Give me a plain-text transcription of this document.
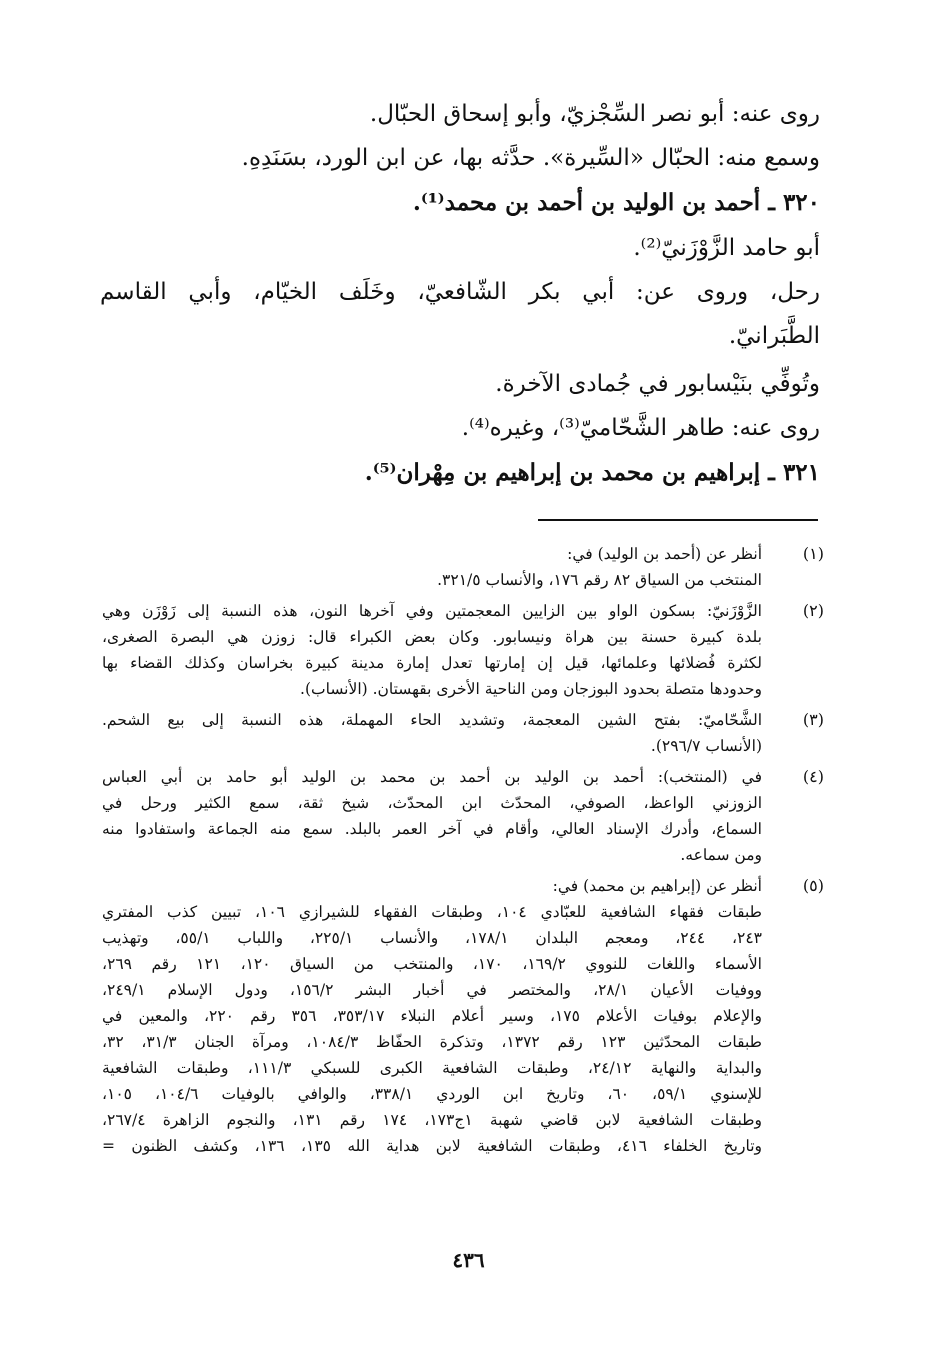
روى عنه: أبو نصر السِّجْزيّ، وأبو إسحاق الحبّال.
وسمع منه: الحبّال «السِّيرة». حدَّثه بها، عن ابن الورد، بسَنَدِهِ.
٣٢٠ ـ أحمد بن الوليد بن أحمد بن محمد⁽¹⁾.
أبو حامد الزَّوْزَنيّ⁽²⁾.
رحل، وروى عن: أبي بكر الشّافعيّ، وخَلَف الخيّام، وأبي القاسم
الطَّبَرانيّ.
وتُوفِّي بنَيْسابور في جُمادى الآخرة.
روى عنه: طاهر الشَّحّاميّ⁽³⁾، وغيره⁽⁴⁾.
٣٢١ ـ إبراهيم بن محمد بن إبراهيم بن مِهْران⁽⁵⁾.
(١)
أنظر عن (أحمد بن الوليد) في:
المنتخب من السياق ٨٢ رقم ١٧٦، والأنساب ٣٢١/٥.
(٢)
الزَّوْزَنيّ: بسكون الواو بين الزايين المعجمتين وفي آخرها النون، هذه النسبة إلى زَوْزَن وهي
بلدة كبيرة حسنة بين هراة ونيسابور. وكان بعض الكبراء قال: زوزن هي البصرة الصغرى،
لكثرة فُضلائها وعلمائها، قيل إن إمارتها تعدل إمارة مدينة كبيرة بخراسان وكذلك القضاء بها
وحدودها متصلة بحدود البوزجان ومن الناحية الأخرى بقهستان. (الأنساب).
(٣)
الشَّحّاميّ: بفتح الشين المعجمة، وتشديد الحاء المهملة، هذه النسبة إلى بيع الشحم.
(الأنساب ٢٩٦/٧).
(٤)
في (المنتخب): أحمد بن الوليد بن أحمد بن محمد بن الوليد أبو حامد بن أبي العباس
الزوزني الواعظ، الصوفي، المحدّث ابن المحدّث، شيخ ثقة، سمع الكثير ورحل في
السماع، وأدرك الإسناد العالي، وأقام في آخر العمر بالبلد. سمع منه الجماعة واستفادوا منه
ومن سماعه.
(٥)
أنظر عن (إبراهيم بن محمد) في:
طبقات فقهاء الشافعية للعبّادي ١٠٤، وطبقات الفقهاء للشيرازي ١٠٦، تبيين كذب المفتري
٢٤٣، ٢٤٤، ومعجم البلدان ١٧٨/١، والأنساب ٢٢٥/١، واللباب ٥٥/١، وتهذيب
الأسماء واللغات للنووي ١٦٩/٢، ١٧٠، والمنتخب من السياق ١٢٠، ١٢١ رقم ٢٦٩،
ووفيات الأعيان ٢٨/١، والمختصر في أخبار البشر ١٥٦/٢، ودول الإسلام ٢٤٩/١،
والإعلام بوفيات الأعلام ١٧٥، وسير أعلام النبلاء ٣٥٣/١٧، ٣٥٦ رقم ٢٢٠، والمعين في
طبقات المحدّثين ١٢٣ رقم ١٣٧٢، وتذكرة الحفّاظ ١٠٨٤/٣، ومرآة الجنان ٣١/٣، ٣٢،
والبداية والنهاية ٢٤/١٢، وطبقات الشافعية الكبرى للسبكي ١١١/٣، وطبقات الشافعية
للإسنوي ٥٩/١، ٦٠، وتاريخ ابن الوردي ٣٣٨/١، والوافي بالوفيات ١٠٤/٦، ١٠٥،
وطبقات الشافعية لابن قاضي شهبة ١ج١٧٣، ١٧٤ رقم ١٣١، والنجوم الزاهرة ٢٦٧/٤،
وتاريخ الخلفاء ٤١٦، وطبقات الشافعية لابن هداية الله ١٣٥، ١٣٦، وكشف الظنون =
٤٣٦
